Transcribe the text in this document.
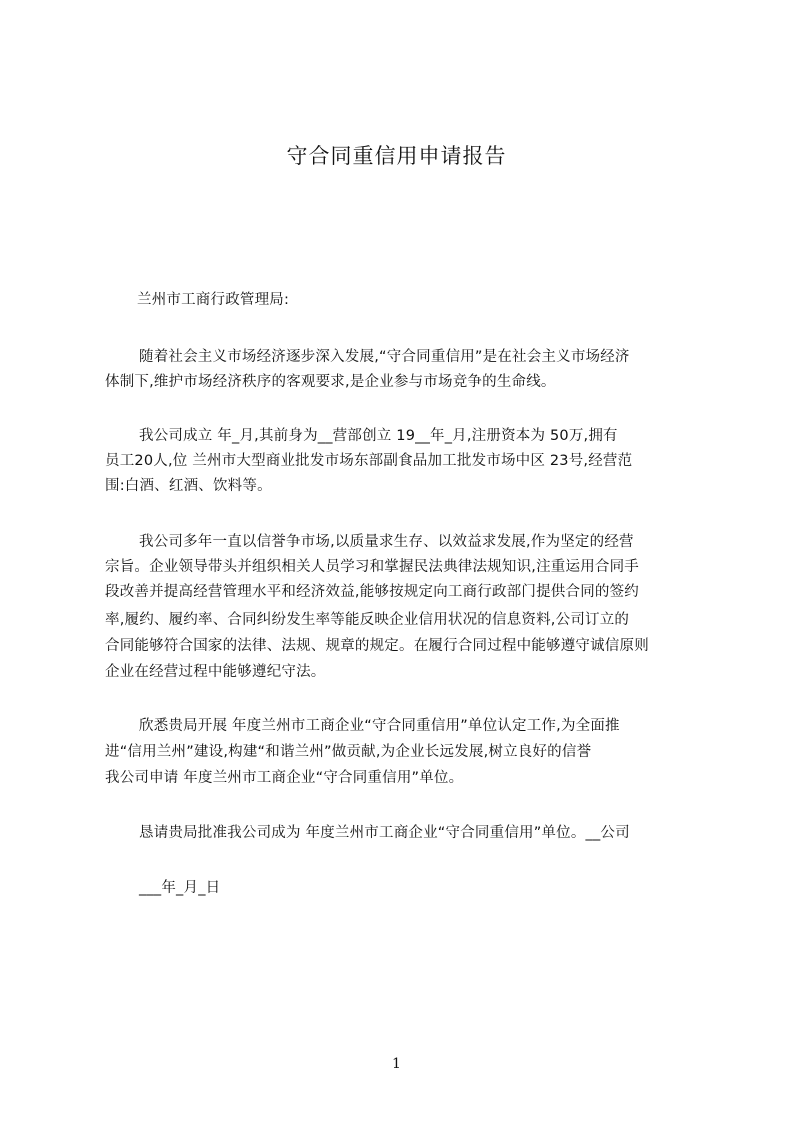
守合同重信用申请报告
兰州市工商行政管理局:
随着社会主义市场经济逐步深入发展,“守合同重信用”是在社会主义市场经济
体制下,维护市场经济秩序的客观要求,是企业参与市场竞争的生命线。
我公司成立 年_月,其前身为__营部创立 19__年_月,注册资本为 50万,拥有
员工20人,位 兰州市大型商业批发市场东部副食品加工批发市场中区 23号,经营范
围:白酒、红酒、饮料等。
我公司多年一直以信誉争市场,以质量求生存、以效益求发展,作为坚定的经营
宗旨。企业领导带头并组织相关人员学习和掌握民法典律法规知识,注重运用合同手
段改善并提高经营管理水平和经济效益,能够按规定向工商行政部门提供合同的签约
率,履约、履约率、合同纠纷发生率等能反映企业信用状况的信息资料,公司订立的
合同能够符合国家的法律、法规、规章的规定。在履行合同过程中能够遵守诚信原则
企业在经营过程中能够遵纪守法。
欣悉贵局开展 年度兰州市工商企业“守合同重信用”单位认定工作,为全面推
进“信用兰州”建设,构建“和谐兰州”做贡献,为企业长远发展,树立良好的信誉
我公司申请 年度兰州市工商企业“守合同重信用”单位。
恳请贵局批准我公司成为 年度兰州市工商企业“守合同重信用”单位。__公司
___年_月_日
1
